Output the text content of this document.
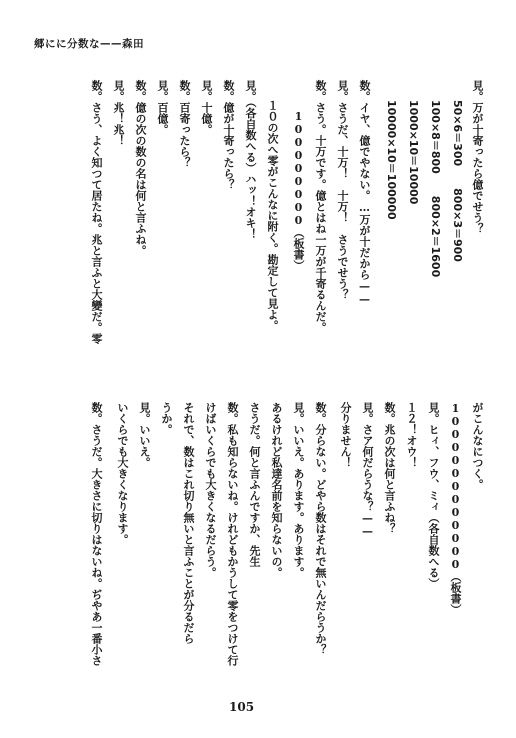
郷にに分数な——森田
見。万が十寄ったら億でせう？
50×6＝300　　800×3＝900
100×8＝800　　800×2＝1600
1000×10＝10000
10000×10＝100000
数。イヤ、億でやない。…万が十だから——
見。さうだ、十万！　十万！　さうでせう？
数。さう。十万です。億とはね一万が千寄るんだ。
100000000（板書）
１０の次へ零がこんなに附く。勘定して見よ。
見。（各自数へる）ハッ！オキ！
数。億が十寄ったら？
見。十億。
数。百寄ったら？
見。百億。
数。億の次の数の名は何と言ふね。
見。兆！兆！
数。さう、よく知つて居たね。兆と言ふと大變だ。零
がこんなにつく。
1000000000000（板書）
見。ヒィ、フウ、ミィ（各自数へる）
１２！オウ！
数。兆の次は何と言ふね？
見。さア何だらうな？——
分りません！
数。分らない。どやら数はそれで無いんだらうか？
見。いいえ。あります。あります。
あるけれど私達名前を知らないの。
さうだ。何と言ふんですか、先生
数。私も知らないね。けれどもかうして零をつけて行
けばいくらでも大きくなるだらう。
それで、数はこれ切り無いと言ふことが分るだら
うか。
見。いいえ。
いくらでも大きくなります。
数。さうだ。大きさに切りはないね。ぢやあ一番小さ
105
